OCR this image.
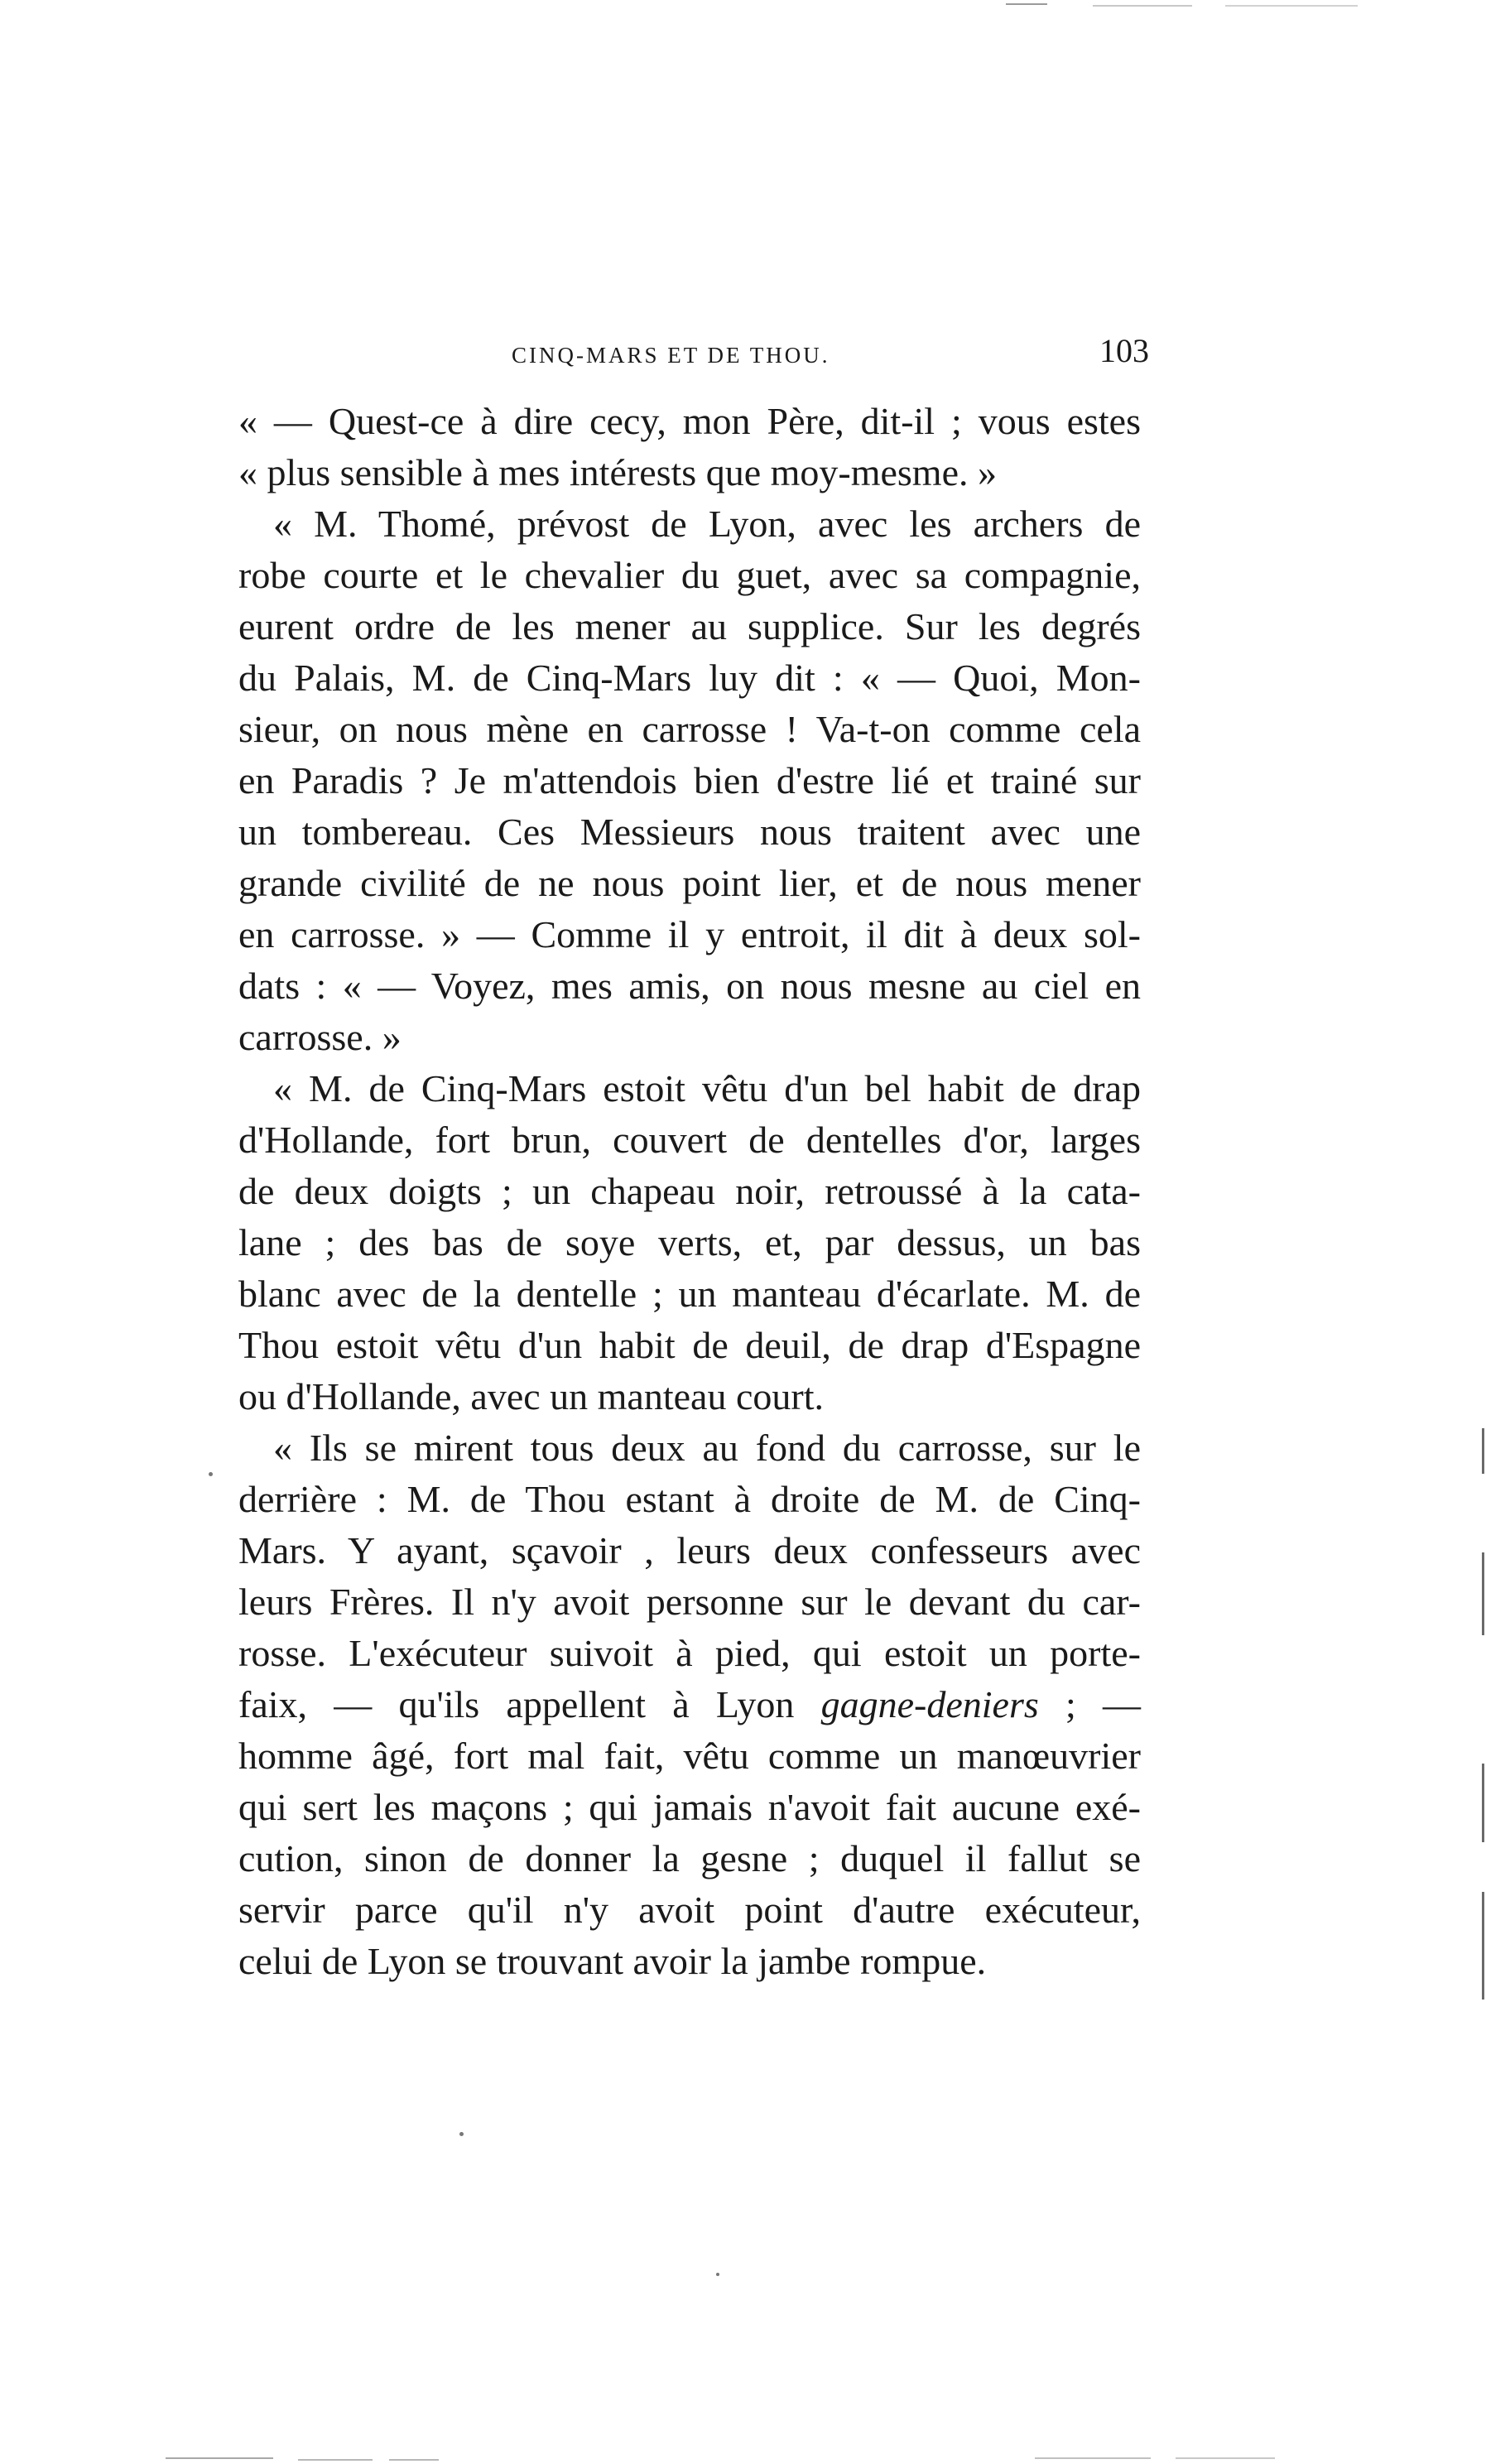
CINQ-MARS ET DE THOU.	103
« — Quest-ce à dire cecy, mon Père, dit-il ; vous estes
« plus sensible à mes intérests que moy-mesme. »
« M. Thomé, prévost de Lyon, avec les archers de
robe courte et le chevalier du guet, avec sa compagnie,
eurent ordre de les mener au supplice. Sur les degrés
du Palais, M. de Cinq-Mars luy dit : « — Quoi, Mon-
sieur, on nous mène en carrosse ! Va-t-on comme cela
en Paradis ? Je m'attendois bien d'estre lié et trainé sur
un tombereau. Ces Messieurs nous traitent avec une
grande civilité de ne nous point lier, et de nous mener
en carrosse. » — Comme il y entroit, il dit à deux sol-
dats : « — Voyez, mes amis, on nous mesne au ciel en
carrosse. »
« M. de Cinq-Mars estoit vêtu d'un bel habit de drap
d'Hollande, fort brun, couvert de dentelles d'or, larges
de deux doigts ; un chapeau noir, retroussé à la cata-
lane ; des bas de soye verts, et, par dessus, un bas
blanc avec de la dentelle ; un manteau d'écarlate. M. de
Thou estoit vêtu d'un habit de deuil, de drap d'Espagne
ou d'Hollande, avec un manteau court.
« Ils se mirent tous deux au fond du carrosse, sur le
derrière : M. de Thou estant à droite de M. de Cinq-
Mars. Y ayant, sçavoir , leurs deux confesseurs avec
leurs Frères. Il n'y avoit personne sur le devant du car-
rosse. L'exécuteur suivoit à pied, qui estoit un porte-
faix, — qu'ils appellent à Lyon gagne-deniers ; —
homme âgé, fort mal fait, vêtu comme un manœuvrier
qui sert les maçons ; qui jamais n'avoit fait aucune exé-
cution, sinon de donner la gesne ; duquel il fallut se
servir parce qu'il n'y avoit point d'autre exécuteur,
celui de Lyon se trouvant avoir la jambe rompue.
